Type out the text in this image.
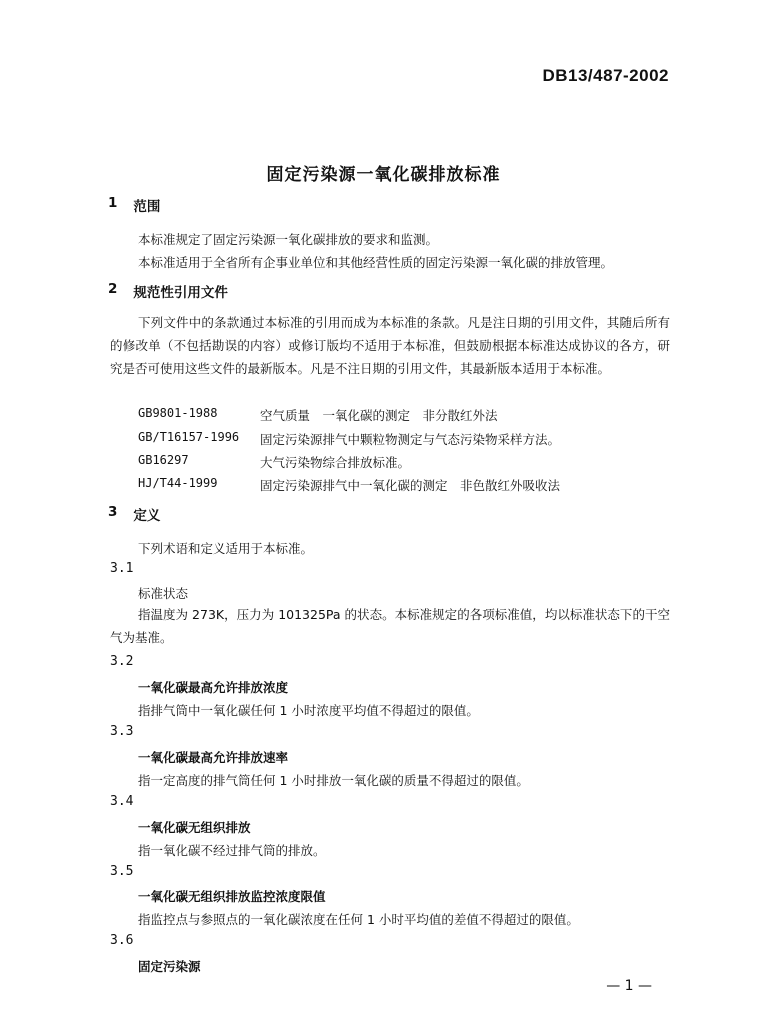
DB13/487-2002
固定污染源一氧化碳排放标准
1 范围
本标准规定了固定污染源一氧化碳排放的要求和监测。
本标准适用于全省所有企事业单位和其他经营性质的固定污染源一氧化碳的排放管理。
2 规范性引用文件
下列文件中的条款通过本标准的引用而成为本标准的条款。凡是注日期的引用文件，其随后所有的修改单（不包括勘误的内容）或修订版均不适用于本标准，但鼓励根据本标准达成协议的各方，研究是否可使用这些文件的最新版本。凡是不注日期的引用文件，其最新版本适用于本标准。
GB9801-1988	空气质量　一氧化碳的测定　非分散红外法
GB/T16157-1996 固定污染源排气中颗粒物测定与气态污染物采样方法。
GB16297	大气污染物综合排放标准。
HJ/T44-1999	固定污染源排气中一氧化碳的测定　非色散红外吸收法
3 定义
下列术语和定义适用于本标准。
3.1
标准状态
指温度为 273K，压力为 101325Pa 的状态。本标准规定的各项标准值，均以标准状态下的干空气为基准。
3.2
一氧化碳最高允许排放浓度
指排气筒中一氧化碳任何 1 小时浓度平均值不得超过的限值。
3.3
一氧化碳最高允许排放速率
指一定高度的排气筒任何 1 小时排放一氧化碳的质量不得超过的限值。
3.4
一氧化碳无组织排放
指一氧化碳不经过排气筒的排放。
3.5
一氧化碳无组织排放监控浓度限值
指监控点与参照点的一氧化碳浓度在任何 1 小时平均值的差值不得超过的限值。
3.6
固定污染源
— 1 —
